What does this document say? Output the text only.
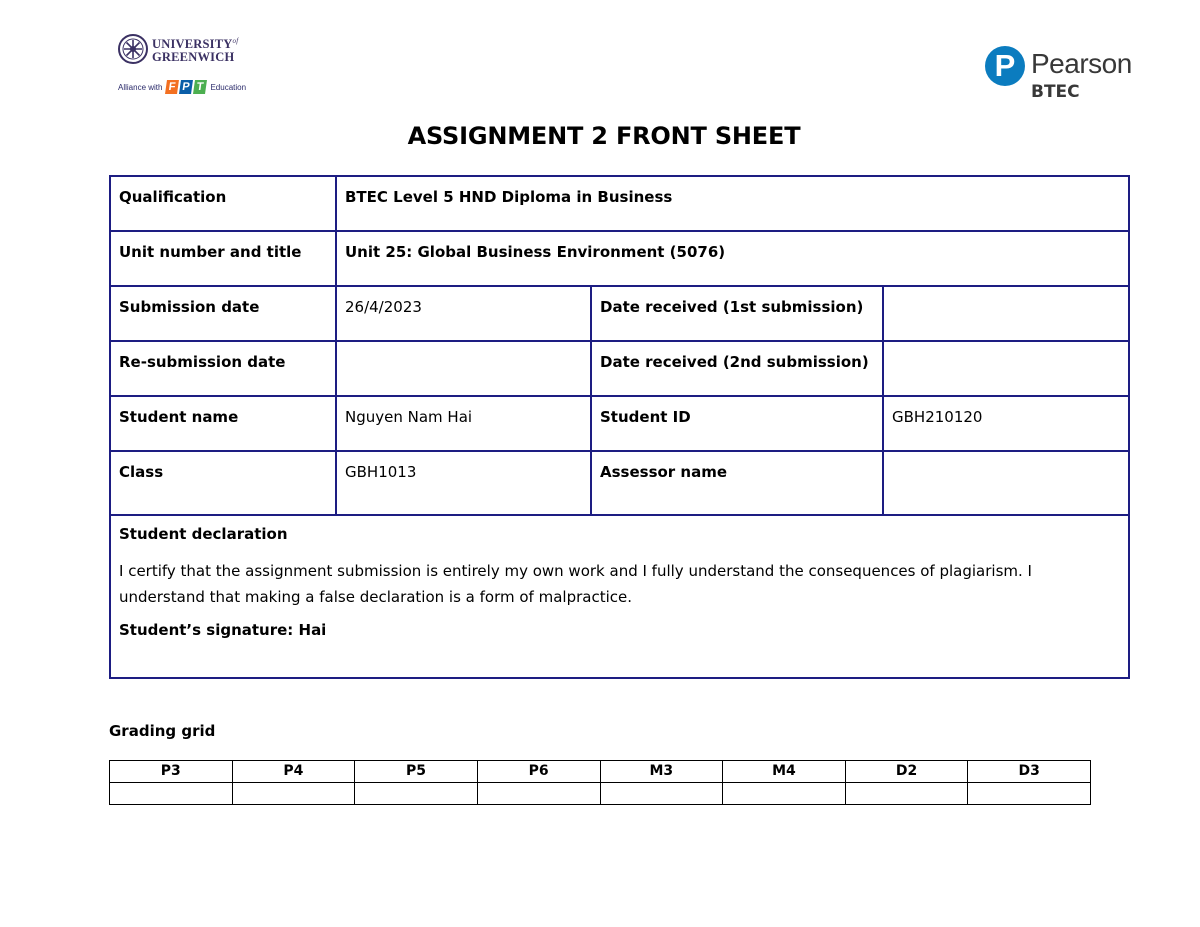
$UNIVERSITY^{of}$
GREENWICH
Alliance with F P T Education
P Pearson
BTEC
ASSIGNMENT 2 FRONT SHEET
Qualification	BTEC Level 5 HND Diploma in Business		
Unit number and title	Unit 25: Global Business Environment (5076)		
Submission date	26/4/2023	Date received (1st submission)	
Re-submission date		Date received (2nd submission)	
Student name	Nguyen Nam Hai	Student ID	GBH210120
Class	GBH1013	Assessor name	

Student declaration

I certify that the assignment submission is entirely my own work and I fully understand the consequences of plagiarism. I
understand that making a false declaration is a form of malpractice.

Student’s signature: Hai			

Grading grid
P3	P4	P5	P6	M3	M4	D2	D3
